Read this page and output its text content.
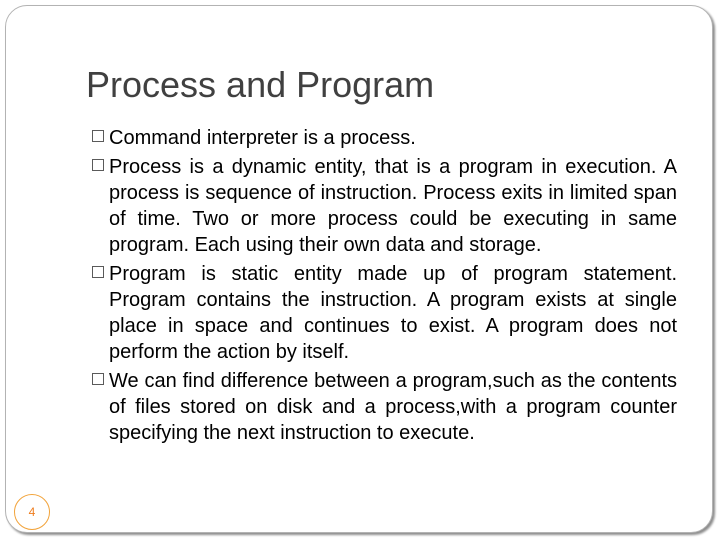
Process and Program
Command interpreter is a process.
Process is a dynamic entity, that is a program in execution. A process is sequence of instruction. Process exits in limited span of time. Two or more process could be executing in same program. Each using their own data and storage.
Program is static entity made up of program statement. Program contains the instruction. A program exists at single place in space and continues to exist. A program does not perform the action by itself.
We can find difference between a program,such as the contents of files stored on disk and a process,with a program counter specifying the next instruction to execute.
4
